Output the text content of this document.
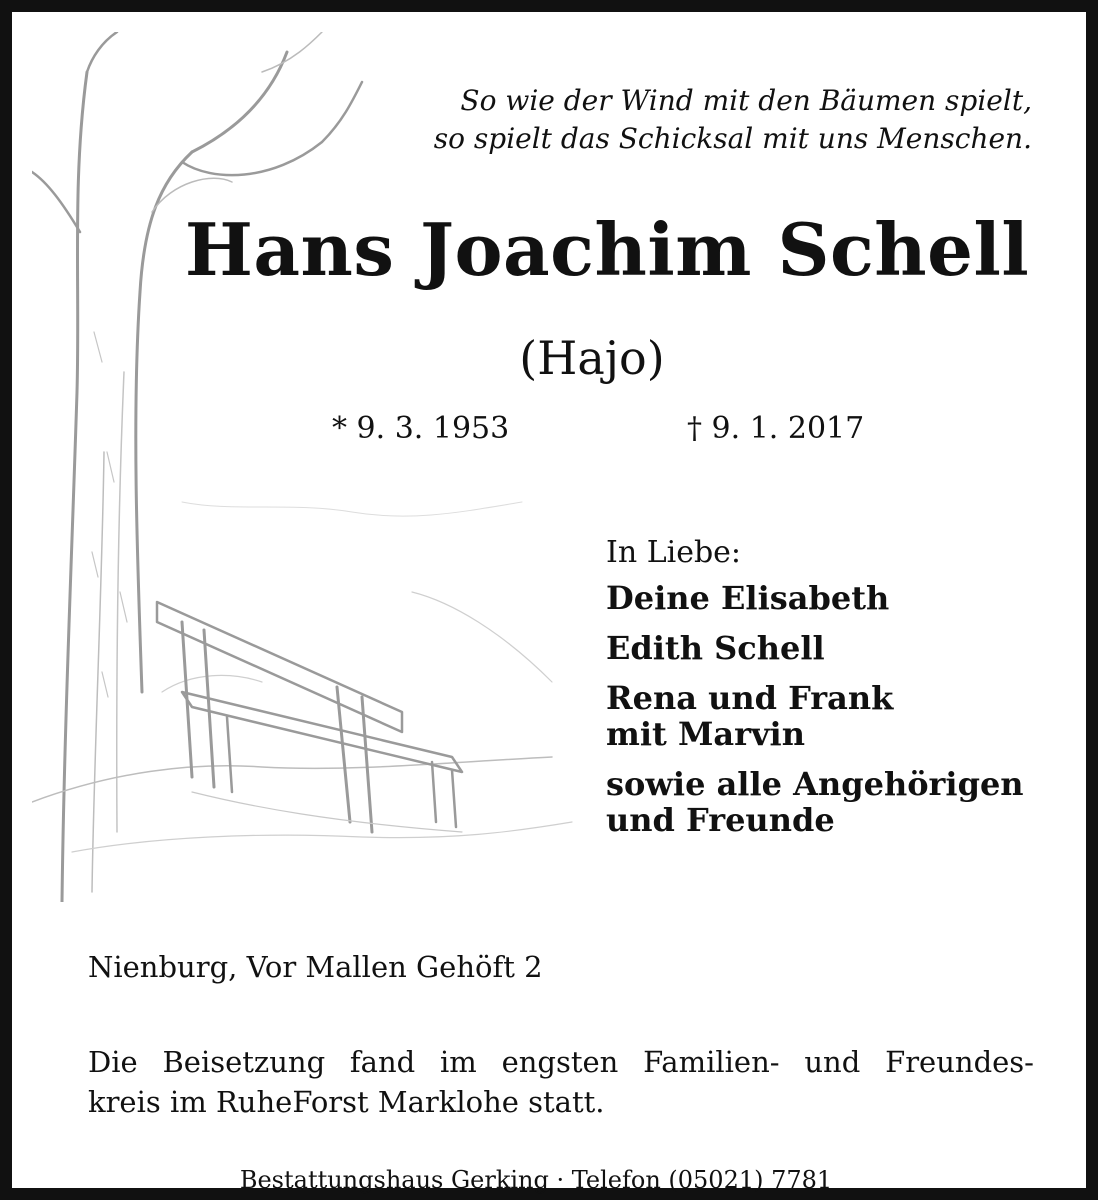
So wie der Wind mit den Bäumen spielt,
so spielt das Schicksal mit uns Menschen.
Hans Joachim Schell
(Hajo)
* 9. 3. 1953	† 9. 1. 2017
In Liebe:
Deine Elisabeth
Edith Schell
Rena und Frank
mit Marvin
sowie alle Angehörigen
und Freunde
Nienburg, Vor Mallen Gehöft 2
Die Beisetzung fand im engsten Familien- und Freundes-
kreis im RuheForst Marklohe statt.
Bestattungshaus Gerking · Telefon (05021) 7781
